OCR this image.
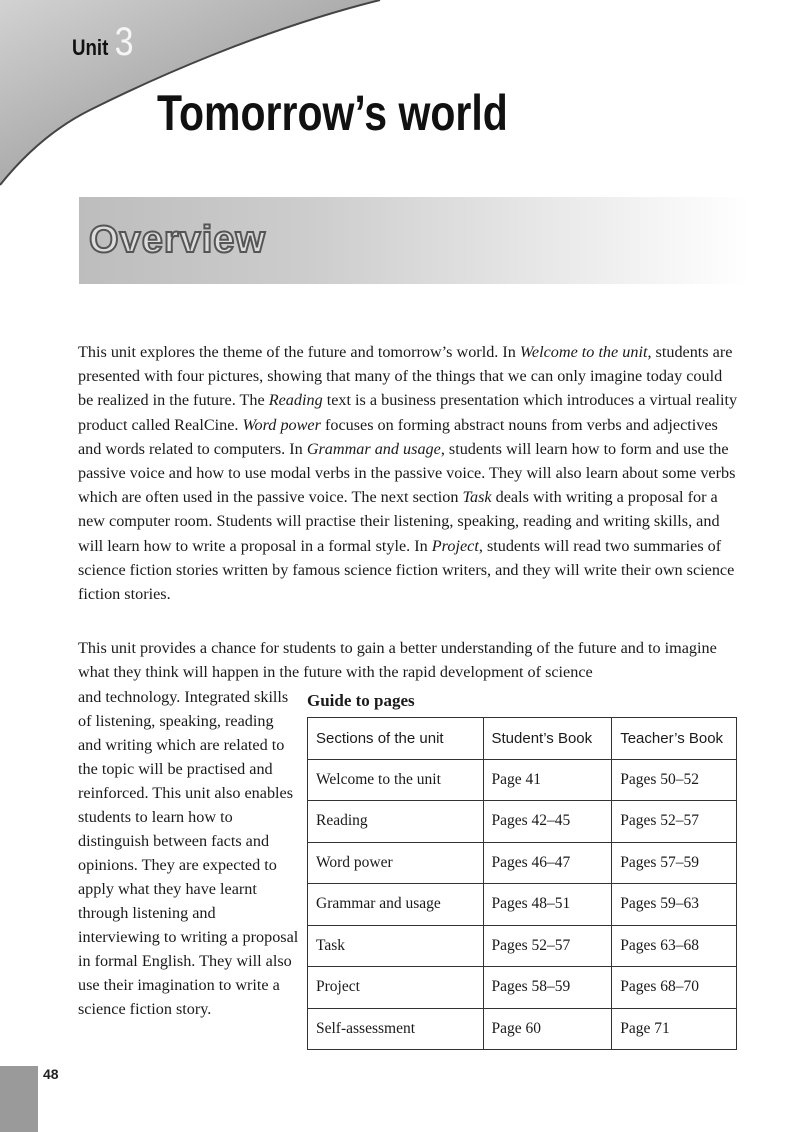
Unit 3
Tomorrow’s world
Overview

This unit explores the theme of the future and tomorrow’s world. In Welcome to the unit, students are presented with four pictures, showing that many of the things that we can only imagine today could be realized in the future. The Reading text is a business presentation which introduces a virtual reality product called RealCine. Word power focuses on forming abstract nouns from verbs and adjectives and words related to computers. In Grammar and usage, students will learn how to form and use the passive voice and how to use modal verbs in the passive voice. They will also learn about some verbs which are often used in the passive voice. The next section Task deals with writing a proposal for a new computer room. Students will practise their listening, speaking, reading and writing skills, and will learn how to write a proposal in a formal style. In Project, students will read two summaries of science fiction stories written by famous science fiction writers, and they will write their own science fiction stories.

This unit provides a chance for students to gain a better understanding of the future and to imagine what they think will happen in the future with the rapid development of science

and technology. Integrated skills of listening, speaking, reading and writing which are related to the topic will be practised and reinforced. This unit also enables students to learn how to distinguish between facts and opinions. They are expected to apply what they have learnt through listening and interviewing to writing a proposal in formal English. They will also use their imagination to write a science fiction story.

Guide to pages
Sections of the unit	Student’s Book	Teacher’s Book
Welcome to the unit	Page 41	Pages 50–52
Reading	Pages 42–45	Pages 52–57
Word power	Pages 46–47	Pages 57–59
Grammar and usage	Pages 48–51	Pages 59–63
Task	Pages 52–57	Pages 63–68
Project	Pages 58–59	Pages 68–70
Self-assessment	Page 60	Page 71
48
